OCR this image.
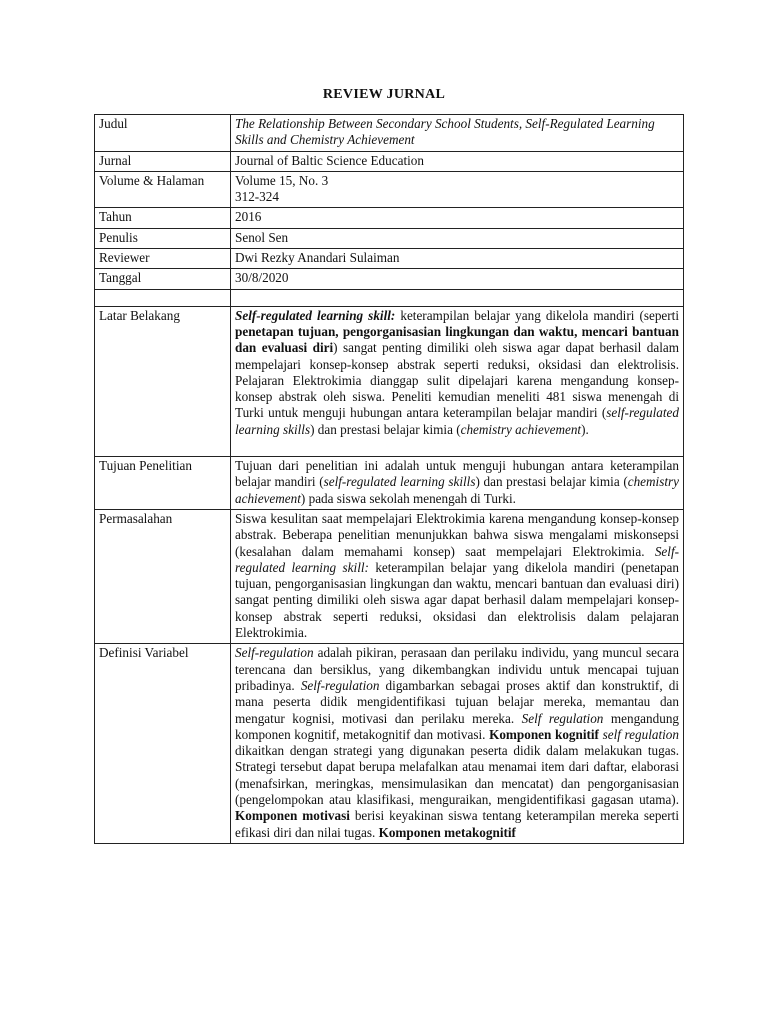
REVIEW JURNAL
Judul	The Relationship Between Secondary School Students, Self-Regulated Learning Skills and Chemistry Achievement
Jurnal	Journal of Baltic Science Education
Volume & Halaman	Volume 15, No. 3
312-324
Tahun	2016
Penulis	Senol Sen
Reviewer	Dwi Rezky Anandari Sulaiman
Tanggal	30/8/2020

Latar Belakang	Self-regulated learning skill: keterampilan belajar yang dikelola mandiri (seperti penetapan tujuan, pengorganisasian lingkungan dan waktu, mencari bantuan dan evaluasi diri) sangat penting dimiliki oleh siswa agar dapat berhasil dalam mempelajari konsep-konsep abstrak seperti reduksi, oksidasi dan elektrolisis. Pelajaran Elektrokimia dianggap sulit dipelajari karena mengandung konsep-konsep abstrak oleh siswa. Peneliti kemudian meneliti 481 siswa menengah di Turki untuk menguji hubungan antara keterampilan belajar mandiri (self-regulated learning skills) dan prestasi belajar kimia (chemistry achievement).

Tujuan Penelitian	Tujuan dari penelitian ini adalah untuk menguji hubungan antara keterampilan belajar mandiri (self-regulated learning skills) dan prestasi belajar kimia (chemistry achievement) pada siswa sekolah menengah di Turki.
Permasalahan	Siswa kesulitan saat mempelajari Elektrokimia karena mengandung konsep-konsep abstrak. Beberapa penelitian menunjukkan bahwa siswa mengalami miskonsepsi (kesalahan dalam memahami konsep) saat mempelajari Elektrokimia. Self-regulated learning skill: keterampilan belajar yang dikelola mandiri (penetapan tujuan, pengorganisasian lingkungan dan waktu, mencari bantuan dan evaluasi diri) sangat penting dimiliki oleh siswa agar dapat berhasil dalam mempelajari konsep-konsep abstrak seperti reduksi, oksidasi dan elektrolisis dalam pelajaran Elektrokimia.
Definisi Variabel	Self-regulation adalah pikiran, perasaan dan perilaku individu, yang muncul secara terencana dan bersiklus, yang dikembangkan individu untuk mencapai tujuan pribadinya. Self-regulation digambarkan sebagai proses aktif dan konstruktif, di mana peserta didik mengidentifikasi tujuan belajar mereka, memantau dan mengatur kognisi, motivasi dan perilaku mereka. Self regulation mengandung komponen kognitif, metakognitif dan motivasi. Komponen kognitif self regulation dikaitkan dengan strategi yang digunakan peserta didik dalam melakukan tugas. Strategi tersebut dapat berupa melafalkan atau menamai item dari daftar, elaborasi (menafsirkan, meringkas, mensimulasikan dan mencatat) dan pengorganisasian (pengelompokan atau klasifikasi, menguraikan, mengidentifikasi gagasan utama). Komponen motivasi berisi keyakinan siswa tentang keterampilan mereka seperti efikasi diri dan nilai tugas. Komponen metakognitif
